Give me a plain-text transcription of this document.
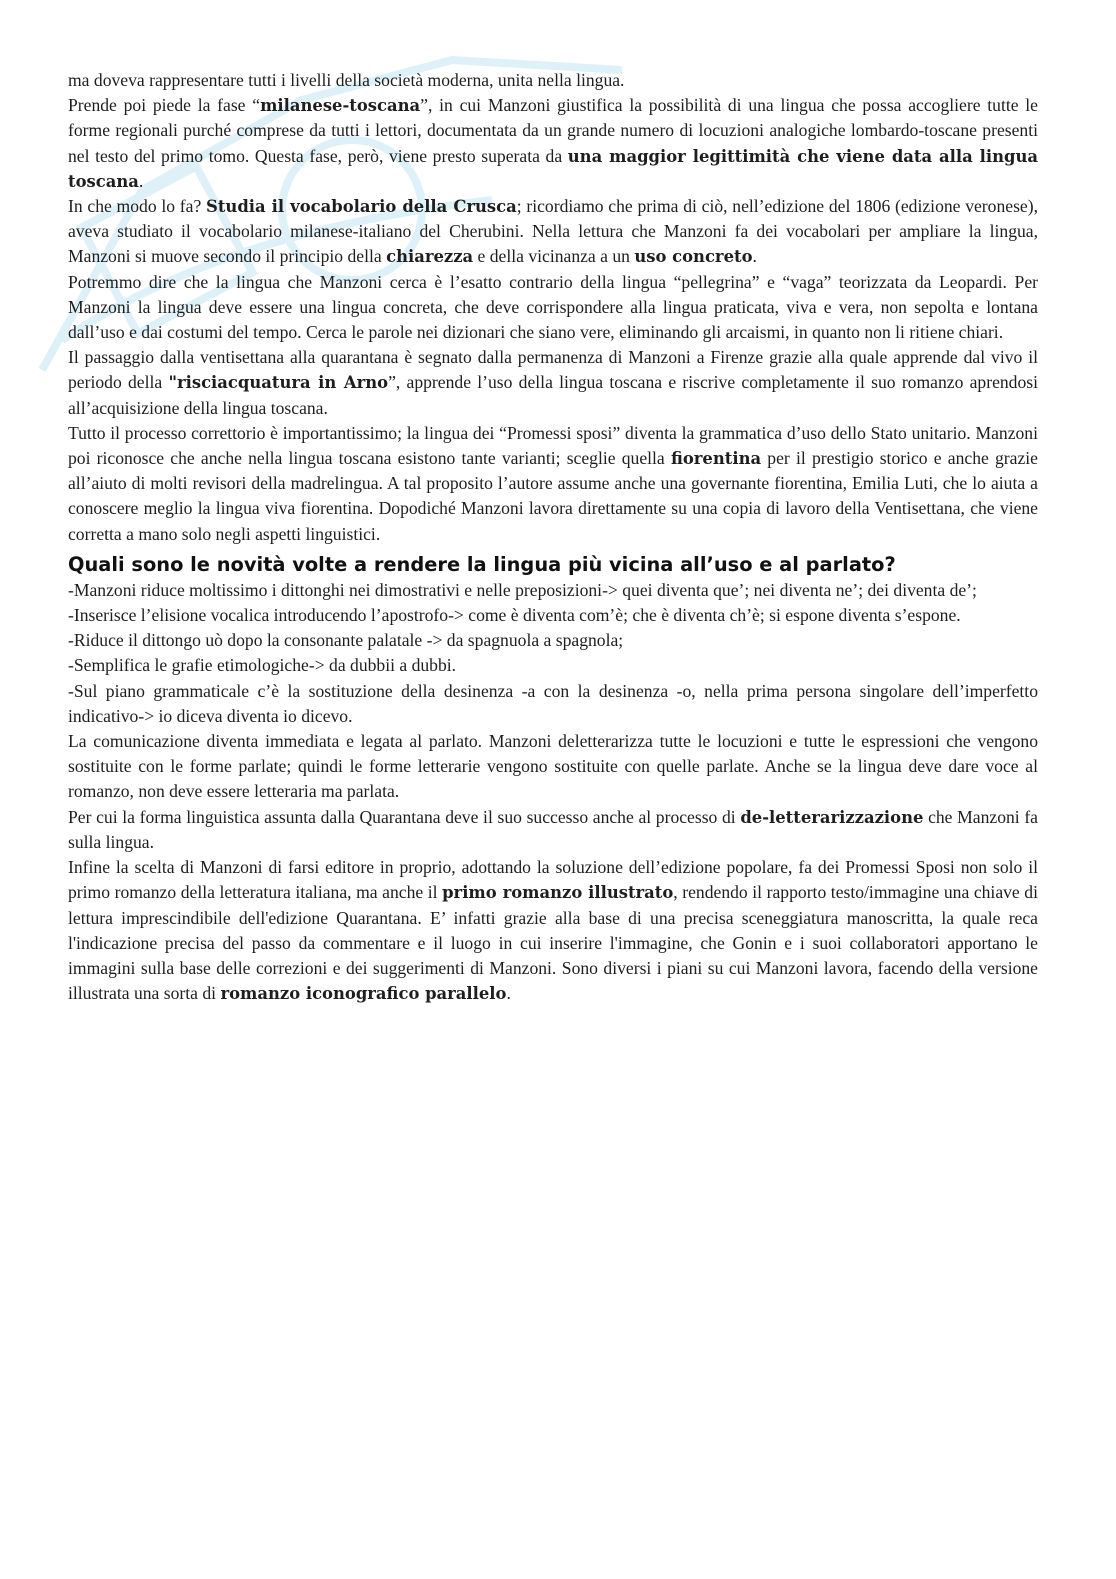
ma doveva rappresentare tutti i livelli della società moderna, unita nella lingua.

Prende poi piede la fase “milanese-toscana”, in cui Manzoni giustifica la possibilità di una lingua che possa accogliere tutte le forme regionali purché comprese da tutti i lettori, documentata da un grande numero di locuzioni analogiche lombardo-toscane presenti nel testo del primo tomo. Questa fase, però, viene presto superata da una maggior legittimità che viene data alla lingua toscana.

In che modo lo fa? Studia il vocabolario della Crusca; ricordiamo che prima di ciò, nell’edizione del 1806 (edizione veronese), aveva studiato il vocabolario milanese-italiano del Cherubini. Nella lettura che Manzoni fa dei vocabolari per ampliare la lingua, Manzoni si muove secondo il principio della chiarezza e della vicinanza a un uso concreto.

Potremmo dire che la lingua che Manzoni cerca è l’esatto contrario della lingua “pellegrina” e “vaga” teorizzata da Leopardi. Per Manzoni la lingua deve essere una lingua concreta, che deve corrispondere alla lingua praticata, viva e vera, non sepolta e lontana dall’uso e dai costumi del tempo. Cerca le parole nei dizionari che siano vere, eliminando gli arcaismi, in quanto non li ritiene chiari.

Il passaggio dalla ventisettana alla quarantana è segnato dalla permanenza di Manzoni a Firenze grazie alla quale apprende dal vivo il periodo della "risciacquatura in Arno”, apprende l’uso della lingua toscana e riscrive completamente il suo romanzo aprendosi all’acquisizione della lingua toscana.

Tutto il processo correttorio è importantissimo; la lingua dei “Promessi sposi” diventa la grammatica d’uso dello Stato unitario. Manzoni poi riconosce che anche nella lingua toscana esistono tante varianti; sceglie quella fiorentina per il prestigio storico e anche grazie all’aiuto di molti revisori della madrelingua. A tal proposito l’autore assume anche una governante fiorentina, Emilia Luti, che lo aiuta a conoscere meglio la lingua viva fiorentina. Dopodiché Manzoni lavora direttamente su una copia di lavoro della Ventisettana, che viene corretta a mano solo negli aspetti linguistici.

Quali sono le novità volte a rendere la lingua più vicina all’uso e al parlato?

-Manzoni riduce moltissimo i dittonghi nei dimostrativi e nelle preposizioni-> quei diventa que’; nei diventa ne’; dei diventa de’;

-Inserisce l’elisione vocalica introducendo l’apostrofo-> come è diventa com’è; che è diventa ch’è; si espone diventa s’espone.

-Riduce il dittongo uò dopo la consonante palatale -> da spagnuola a spagnola;

-Semplifica le grafie etimologiche-> da dubbii a dubbi.

-Sul piano grammaticale c’è la sostituzione della desinenza -a con la desinenza -o, nella prima persona singolare dell’imperfetto indicativo-> io diceva diventa io dicevo.

La comunicazione diventa immediata e legata al parlato. Manzoni deletterarizza tutte le locuzioni e tutte le espressioni che vengono sostituite con le forme parlate; quindi le forme letterarie vengono sostituite con quelle parlate. Anche se la lingua deve dare voce al romanzo, non deve essere letteraria ma parlata.

Per cui la forma linguistica assunta dalla Quarantana deve il suo successo anche al processo di de-letterarizzazione che Manzoni fa sulla lingua.

Infine la scelta di Manzoni di farsi editore in proprio, adottando la soluzione dell’edizione popolare, fa dei Promessi Sposi non solo il primo romanzo della letteratura italiana, ma anche il primo romanzo illustrato, rendendo il rapporto testo/immagine una chiave di lettura imprescindibile dell'edizione Quarantana. E’ infatti grazie alla base di una precisa sceneggiatura manoscritta, la quale reca l'indicazione precisa del passo da commentare e il luogo in cui inserire l'immagine, che Gonin e i suoi collaboratori apportano le immagini sulla base delle correzioni e dei suggerimenti di Manzoni. Sono diversi i piani su cui Manzoni lavora, facendo della versione illustrata una sorta di romanzo iconografico parallelo.
